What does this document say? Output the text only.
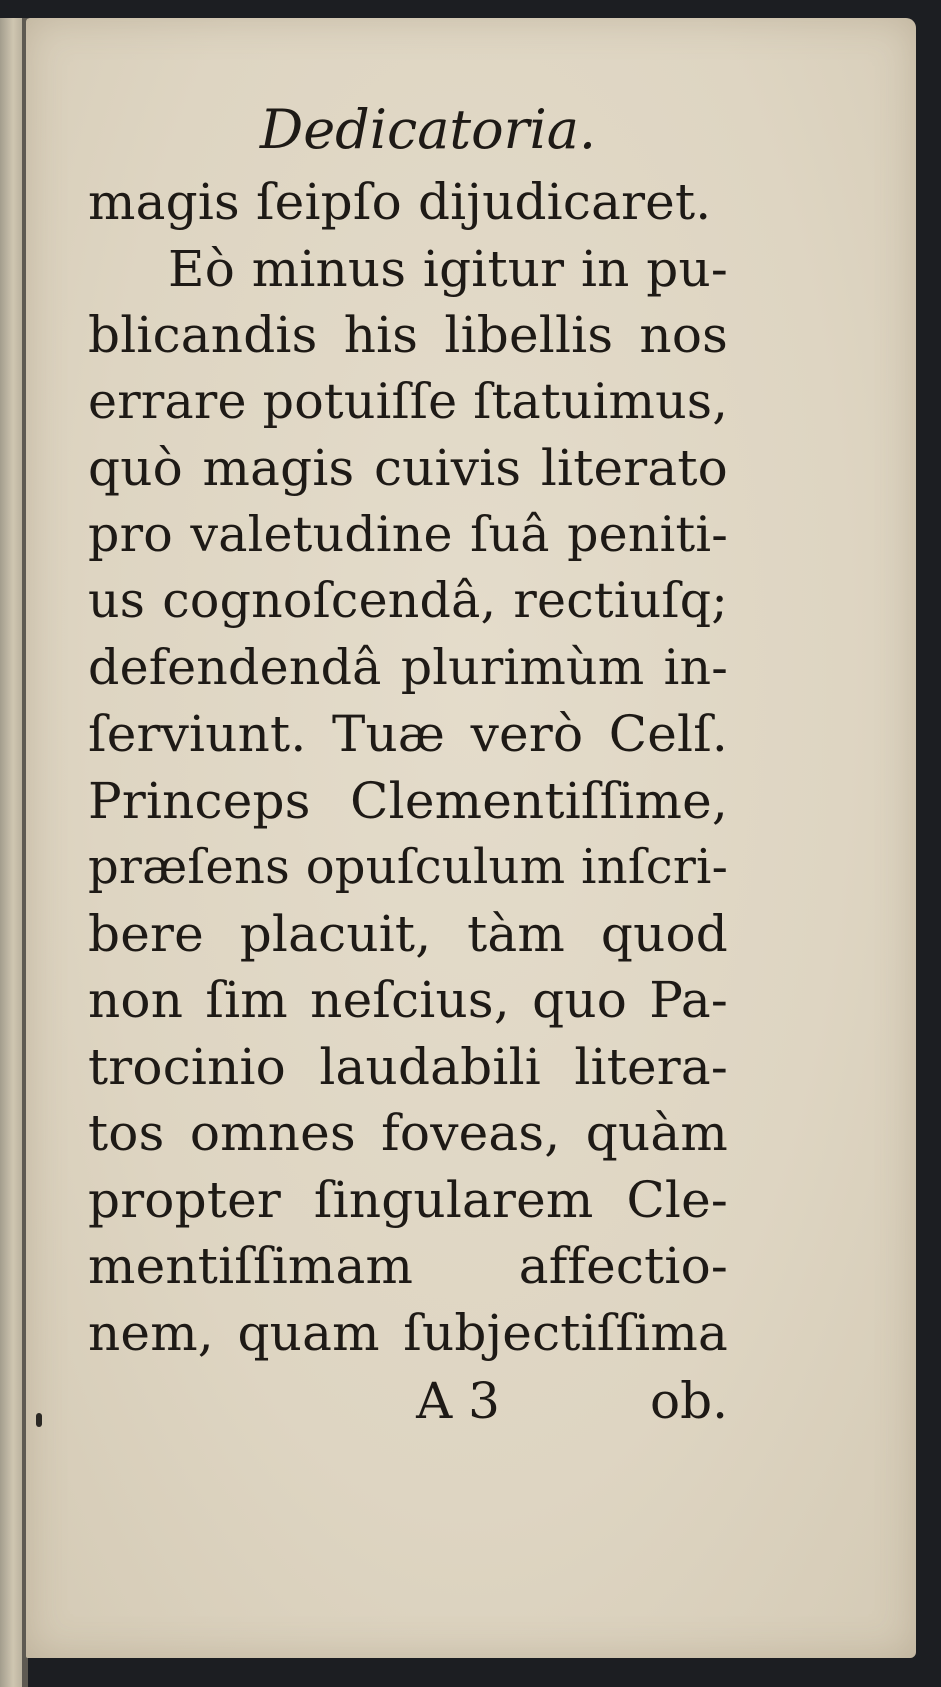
Dedicatoria.
magis ſeipſo dijudicaret.
Eò minus igitur in pu-
blicandis his libellis nos
errare potuiſſe ſtatuimus,
quò magis cuivis literato
pro valetudine ſuâ peniti-
us cognoſcendâ, rectiuſq;
defendendâ plurimùm in-
ſerviunt. Tuæ verò Celſ.
Princeps Clementiſſime,
præſens opuſculum inſcri-
bere placuit, tàm quod
non ſim neſcius, quo Pa-
trocinio laudabili litera-
tos omnes foveas, quàm
propter ſingularem Cle-
mentiſſimam affectio-
nem, quam ſubjectiſſima
A 3	ob.
